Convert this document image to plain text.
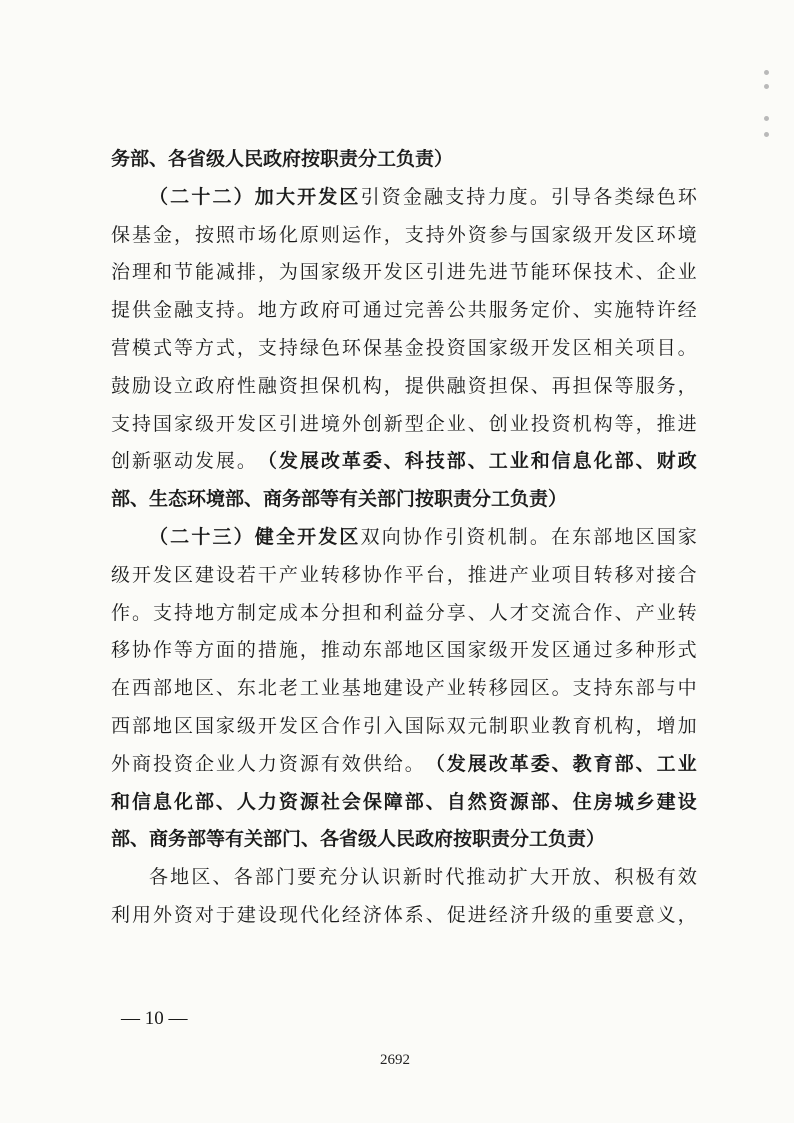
务部、各省级人民政府按职责分工负责）
（ 二 十 二 ） 加 大 开 发 区 引 资 金 融 支 持 力 度 。 引 导 各 类 绿 色 环
保 基 金 ， 按 照 市 场 化 原 则 运 作 ， 支 持 外 资 参 与 国 家 级 开 发 区 环 境
治 理 和 节 能 减 排 ， 为 国 家 级 开 发 区 引 进 先 进 节 能 环 保 技 术 、 企 业
提 供 金 融 支 持 。 地 方 政 府 可 通 过 完 善 公 共 服 务 定 价 、 实 施 特 许 经
营 模 式 等 方 式 ， 支 持 绿 色 环 保 基 金 投 资 国 家 级 开 发 区 相 关 项 目 。
鼓 励 设 立 政 府 性 融 资 担 保 机 构 ， 提 供 融 资 担 保 、 再 担 保 等 服 务 ，
支 持 国 家 级 开 发 区 引 进 境 外 创 新 型 企 业 、 创 业 投 资 机 构 等 ， 推 进
创 新 驱 动 发 展 。 （ 发 展 改 革 委 、 科 技 部 、 工 业 和 信 息 化 部 、 财 政
部、生态环境部、商务部等有关部门按职责分工负责）
（ 二 十 三 ） 健 全 开 发 区 双 向 协 作 引 资 机 制 。 在 东 部 地 区 国 家
级 开 发 区 建 设 若 干 产 业 转 移 协 作 平 台 ， 推 进 产 业 项 目 转 移 对 接 合
作 。 支 持 地 方 制 定 成 本 分 担 和 利 益 分 享 、 人 才 交 流 合 作 、 产 业 转
移 协 作 等 方 面 的 措 施 ， 推 动 东 部 地 区 国 家 级 开 发 区 通 过 多 种 形 式
在 西 部 地 区 、 东 北 老 工 业 基 地 建 设 产 业 转 移 园 区 。 支 持 东 部 与 中
西 部 地 区 国 家 级 开 发 区 合 作 引 入 国 际 双 元 制 职 业 教 育 机 构 ， 增 加
外 商 投 资 企 业 人 力 资 源 有 效 供 给 。 （ 发 展 改 革 委 、 教 育 部 、 工 业
和 信 息 化 部 、 人 力 资 源 社 会 保 障 部 、 自 然 资 源 部 、 住 房 城 乡 建 设
部、商务部等有关部门、各省级人民政府按职责分工负责）
各 地 区 、 各 部 门 要 充 分 认 识 新 时 代 推 动 扩 大 开 放 、 积 极 有 效
利 用 外 资 对 于 建 设 现 代 化 经 济 体 系 、 促 进 经 济 升 级 的 重 要 意 义 ，
— 10 —
2692
